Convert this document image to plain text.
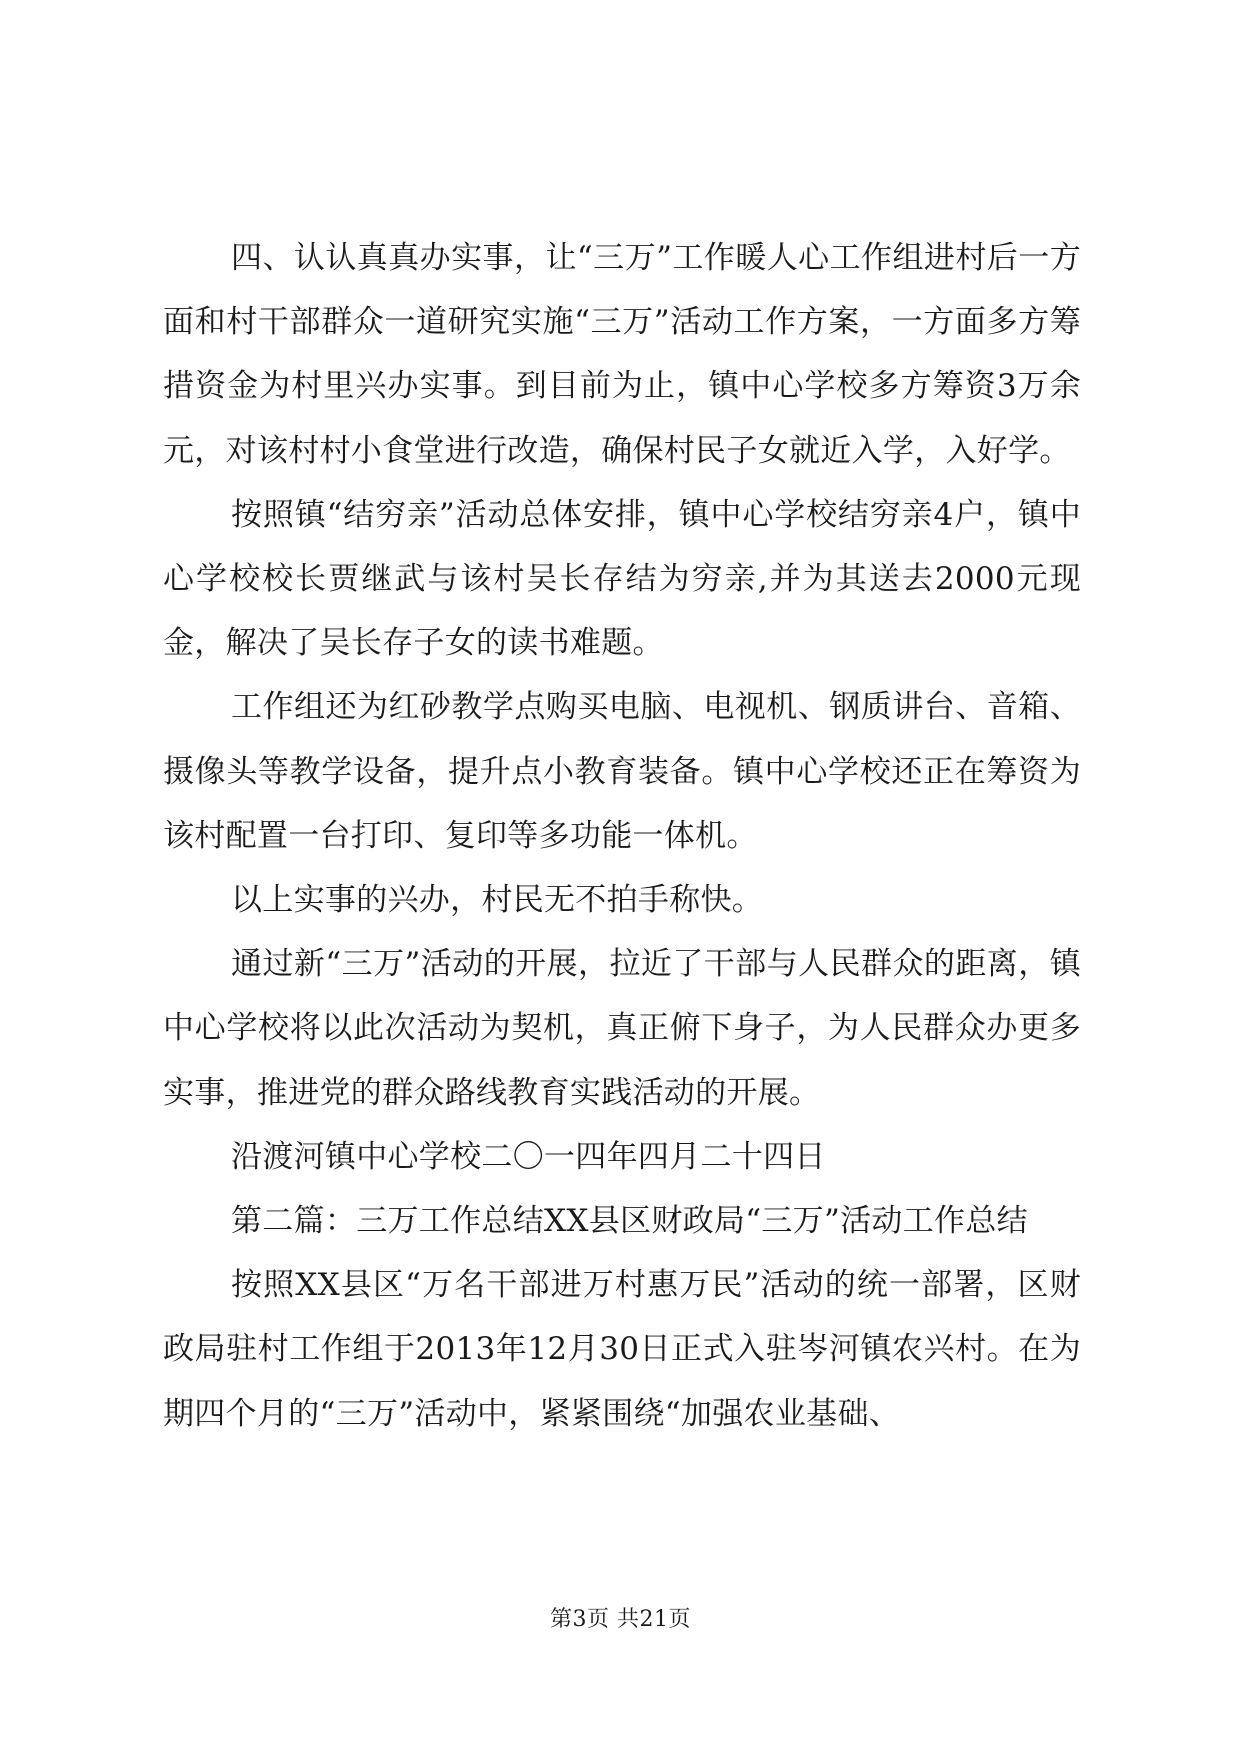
四、认认真真办实事，让“三万”工作暖人心工作组进村后一方面和村干部群众一道研究实施“三万”活动工作方案，一方面多方筹措资金为村里兴办实事。到目前为止，镇中心学校多方筹资3万余元，对该村村小食堂进行改造，确保村民子女就近入学，入好学。

按照镇“结穷亲”活动总体安排，镇中心学校结穷亲4户，镇中心学校校长贾继武与该村吴长存结为穷亲,并为其送去2000元现金，解决了吴长存子女的读书难题。

工作组还为红砂教学点购买电脑、电视机、钢质讲台、音箱、摄像头等教学设备，提升点小教育装备。镇中心学校还正在筹资为该村配置一台打印、复印等多功能一体机。

以上实事的兴办，村民无不拍手称快。

通过新“三万”活动的开展，拉近了干部与人民群众的距离，镇中心学校将以此次活动为契机，真正俯下身子，为人民群众办更多实事，推进党的群众路线教育实践活动的开展。

沿渡河镇中心学校二〇一四年四月二十四日

第二篇：三万工作总结XX县区财政局“三万”活动工作总结

按照XX县区“万名干部进万村惠万民”活动的统一部署，区财政局驻村工作组于2013年12月30日正式入驻岑河镇农兴村。在为期四个月的“三万”活动中，紧紧围绕“加强农业基础、

第3页 共21页
